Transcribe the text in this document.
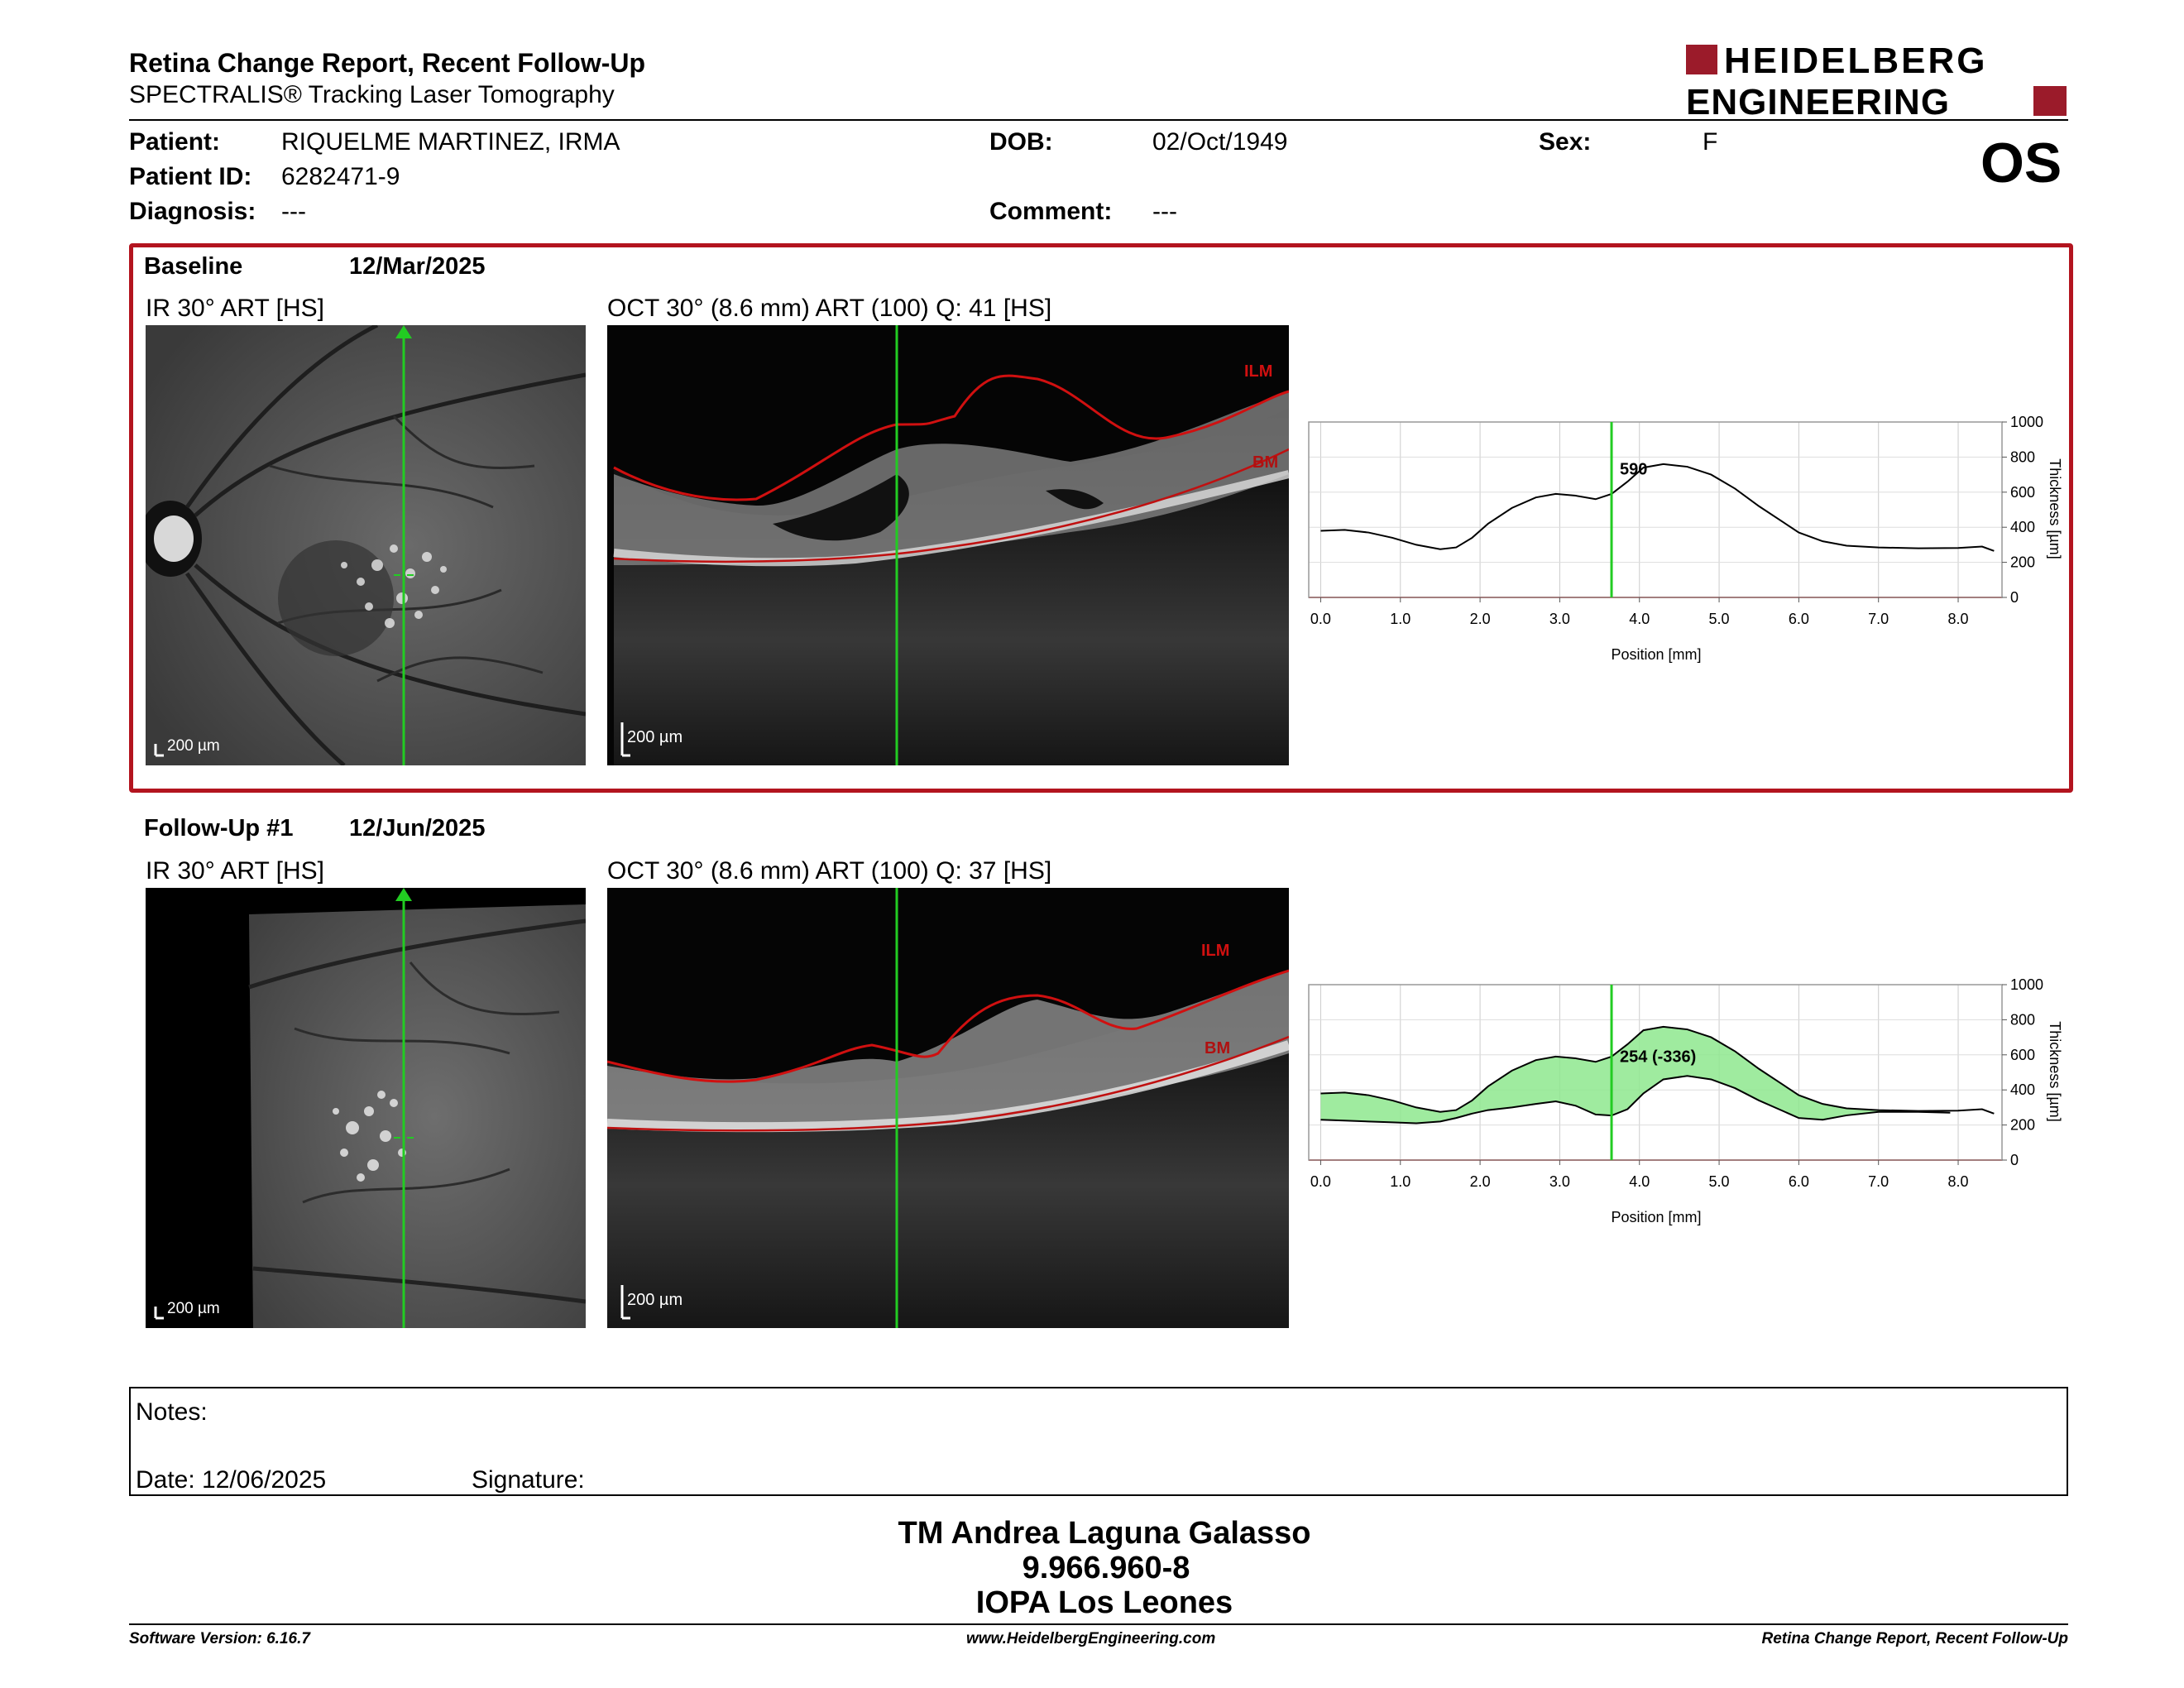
Retina Change Report, Recent Follow-Up
SPECTRALIS® Tracking Laser Tomography
HEIDELBERG
ENGINEERING
Patient: RIQUELME MARTINEZ, IRMA
Patient ID: 6282471-9
Diagnosis: ---
DOB:	02/Oct/1949
Comment: ---
Sex:	F	OS
Baseline	12/Mar/2025
IR 30° ART [HS]	OCT 30° (8.6 mm) ART (100) Q: 41 [HS]
200 µm
ILM
BM
200 µm
0.0	1.0	2.0	3.0	4.0	5.0	6.0	7.0	8.0
0
200
400
600
800
1000
590
Position [mm]
Thickness [µm]
Follow-Up #1 12/Jun/2025
IR 30° ART [HS]	OCT 30° (8.6 mm) ART (100) Q: 37 [HS]
200 µm
ILM
BM
200 µm
0.0	1.0	2.0	3.0	4.0	5.0	6.0	7.0	8.0
0
200
400
600
800
1000
254 (-336)
Position [mm]
Thickness [µm]
Notes:
Date: 12/06/2025	Signature:
TM Andrea Laguna Galasso
9.966.960-8
IOPA Los Leones
Software Version: 6.16.7	www.HeidelbergEngineering.com	Retina Change Report, Recent Follow-Up
